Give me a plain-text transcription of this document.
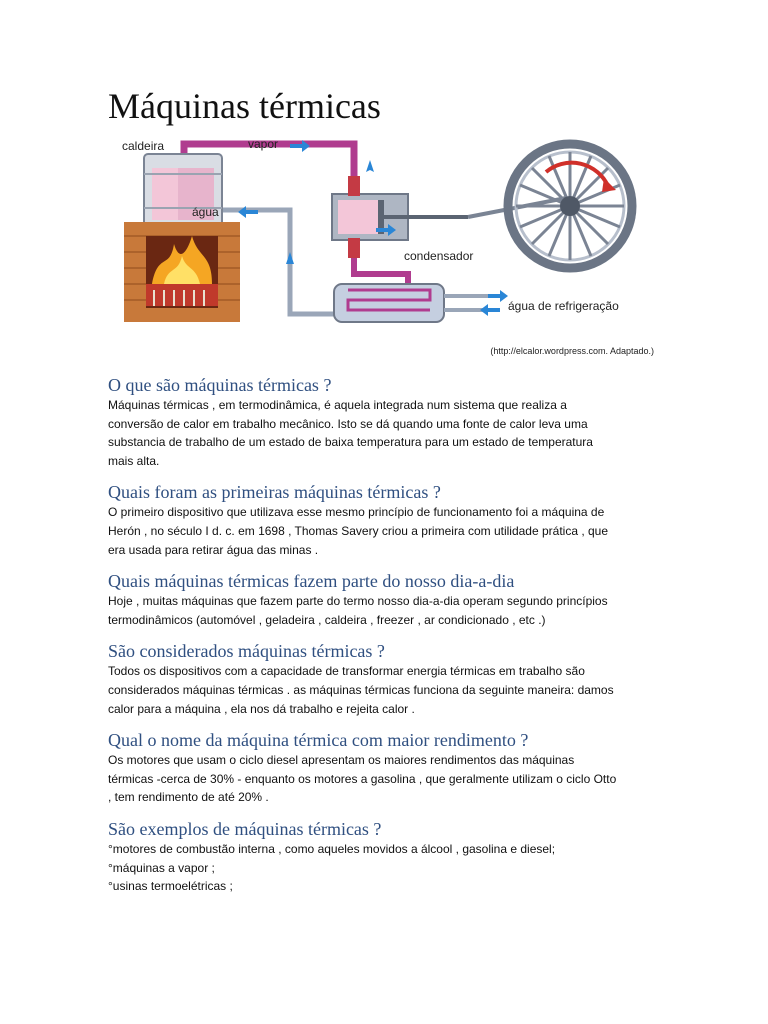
Máquinas térmicas
caldeira	vapor
água
condensador
água de refrigeração
(http://elcalor.wordpress.com. Adaptado.)
O que são máquinas térmicas ?

Máquinas térmicas , em termodinâmica, é aquela integrada num sistema que realiza a
conversão de calor em trabalho mecânico. Isto se dá quando uma fonte de calor leva uma
substancia de trabalho de um estado de baixa temperatura para um estado de temperatura
mais alta.

Quais foram as primeiras máquinas térmicas ?

O primeiro dispositivo que utilizava esse mesmo princípio de funcionamento foi a máquina de
Herón , no século I d. c. em 1698 , Thomas Savery criou a primeira com utilidade prática , que
era usada para retirar água das minas .

Quais máquinas térmicas fazem parte do nosso dia-a-dia

Hoje , muitas máquinas que fazem parte do termo nosso dia-a-dia operam segundo princípios
termodinâmicos (automóvel , geladeira , caldeira , freezer , ar condicionado , etc .)

São considerados máquinas térmicas ?

Todos os dispositivos com a capacidade de transformar energia térmicas em trabalho são
considerados máquinas térmicas . as máquinas térmicas funciona da seguinte maneira: damos
calor para a máquina , ela nos dá trabalho e rejeita calor .

Qual o nome da máquina térmica com maior rendimento ?

Os motores que usam o ciclo diesel apresentam os maiores rendimentos das máquinas
térmicas -cerca de 30% - enquanto os motores a gasolina , que geralmente utilizam o ciclo Otto
, tem rendimento de até 20% .

São exemplos de máquinas térmicas ?

°motores de combustão interna , como aqueles movidos a álcool , gasolina e diesel;
°máquinas a vapor ;
°usinas termoelétricas ;
